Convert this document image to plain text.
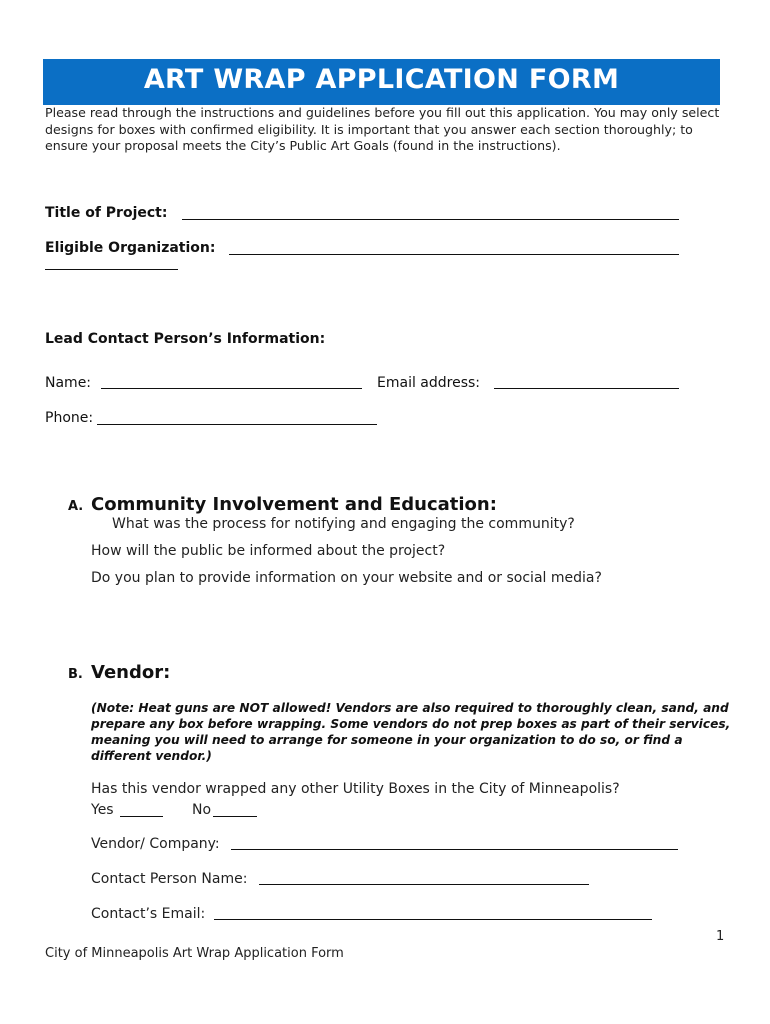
ART WRAP APPLICATION FORM
Please read through the instructions and guidelines before you fill out this application. You may only select designs for boxes with confirmed eligibility. It is important that you answer each section thoroughly; to ensure your proposal meets the City’s Public Art Goals (found in the instructions).
Title of Project:
Eligible Organization:
Lead Contact Person’s Information:
Name:	Email address:
Phone:
A. Community Involvement and Education:
What was the process for notifying and engaging the community?
How will the public be informed about the project?
Do you plan to provide information on your website and or social media?
B. Vendor:
(Note: Heat guns are NOT allowed! Vendors are also required to thoroughly clean, sand, and prepare any box before wrapping. Some vendors do not prep boxes as part of their services, meaning you will need to arrange for someone in your organization to do so, or find a different vendor.)
Has this vendor wrapped any other Utility Boxes in the City of Minneapolis?
Yes	No
Vendor/ Company:
Contact Person Name:
Contact’s Email:
1
City of Minneapolis Art Wrap Application Form
